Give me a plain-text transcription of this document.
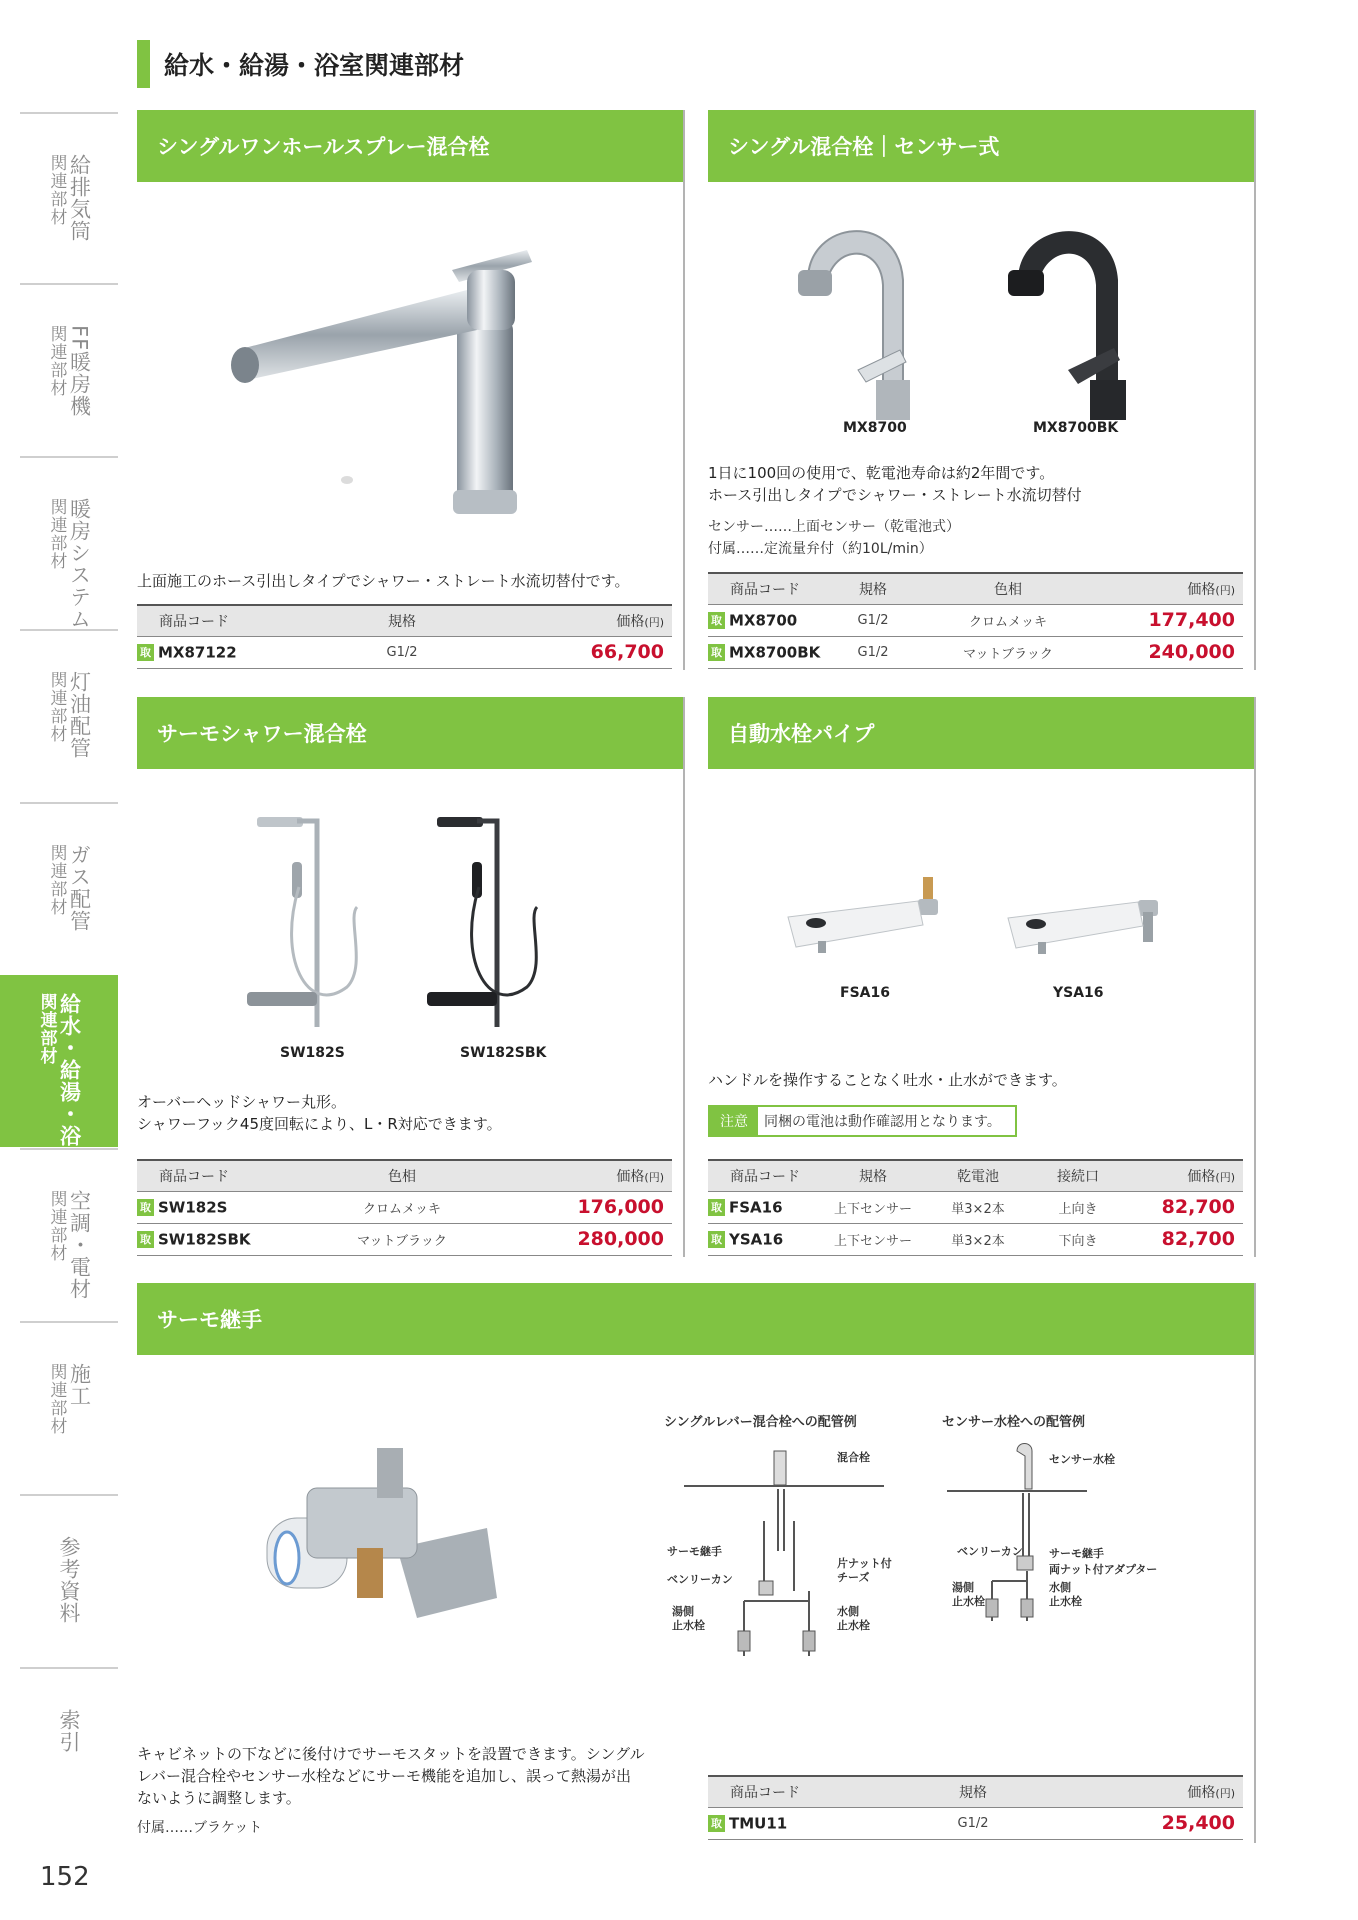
給排気筒
関連部材
FF暖房機
関連部材
暖房システム
関連部材
灯油配管
関連部材
ガス配管
関連部材
給水・給湯・浴室
関連部材
空調・電材
関連部材
施工
関連部材
参考資料
索引
152
給水・給湯・浴室関連部材
シングルワンホールスプレー混合栓
上面施工のホース引出しタイプでシャワー・ストレート水流切替付です。
商品コード	規格	価格(円)
取 MX87122	G1/2	66,700
シングル混合栓｜センサー式
MX8700	MX8700BK
1日に100回の使用で、乾電池寿命は約2年間です。
ホース引出しタイプでシャワー・ストレート水流切替付
センサー……上面センサー（乾電池式）
付属……定流量弁付（約10L/min）
商品コード	規格	色相	価格(円)
取 MX8700	G1/2	クロムメッキ	177,400
取 MX8700BK	G1/2	マットブラック	240,000
サーモシャワー混合栓
SW182S	SW182SBK
オーバーヘッドシャワー丸形。
シャワーフック45度回転により、L・R対応できます。
商品コード	色相	価格(円)
取 SW182S	クロムメッキ	176,000
取 SW182SBK	マットブラック	280,000
自動水栓パイプ
FSA16	YSA16
ハンドルを操作することなく吐水・止水ができます。
注意	同梱の電池は動作確認用となります。
商品コード	規格	乾電池	接続口	価格(円)
取 FSA16	上下センサー	単3×2本	上向き	82,700
取 YSA16	上下センサー	単3×2本	下向き	82,700
サーモ継手
シングルレバー混合栓への配管例
混合栓
サーモ継手
ベンリーカン
片ナット付
チーズ
湯側
止水栓
水側
止水栓
センサー水栓への配管例
センサー水栓
ベンリーカン サーモ継手
両ナット付アダプター
湯側
止水栓
水側
止水栓
キャビネットの下などに後付けでサーモスタットを設置できます。シングル
レバー混合栓やセンサー水栓などにサーモ機能を追加し、誤って熱湯が出
ないように調整します。
付属……ブラケット
商品コード	規格	価格(円)
取 TMU11	G1/2	25,400
